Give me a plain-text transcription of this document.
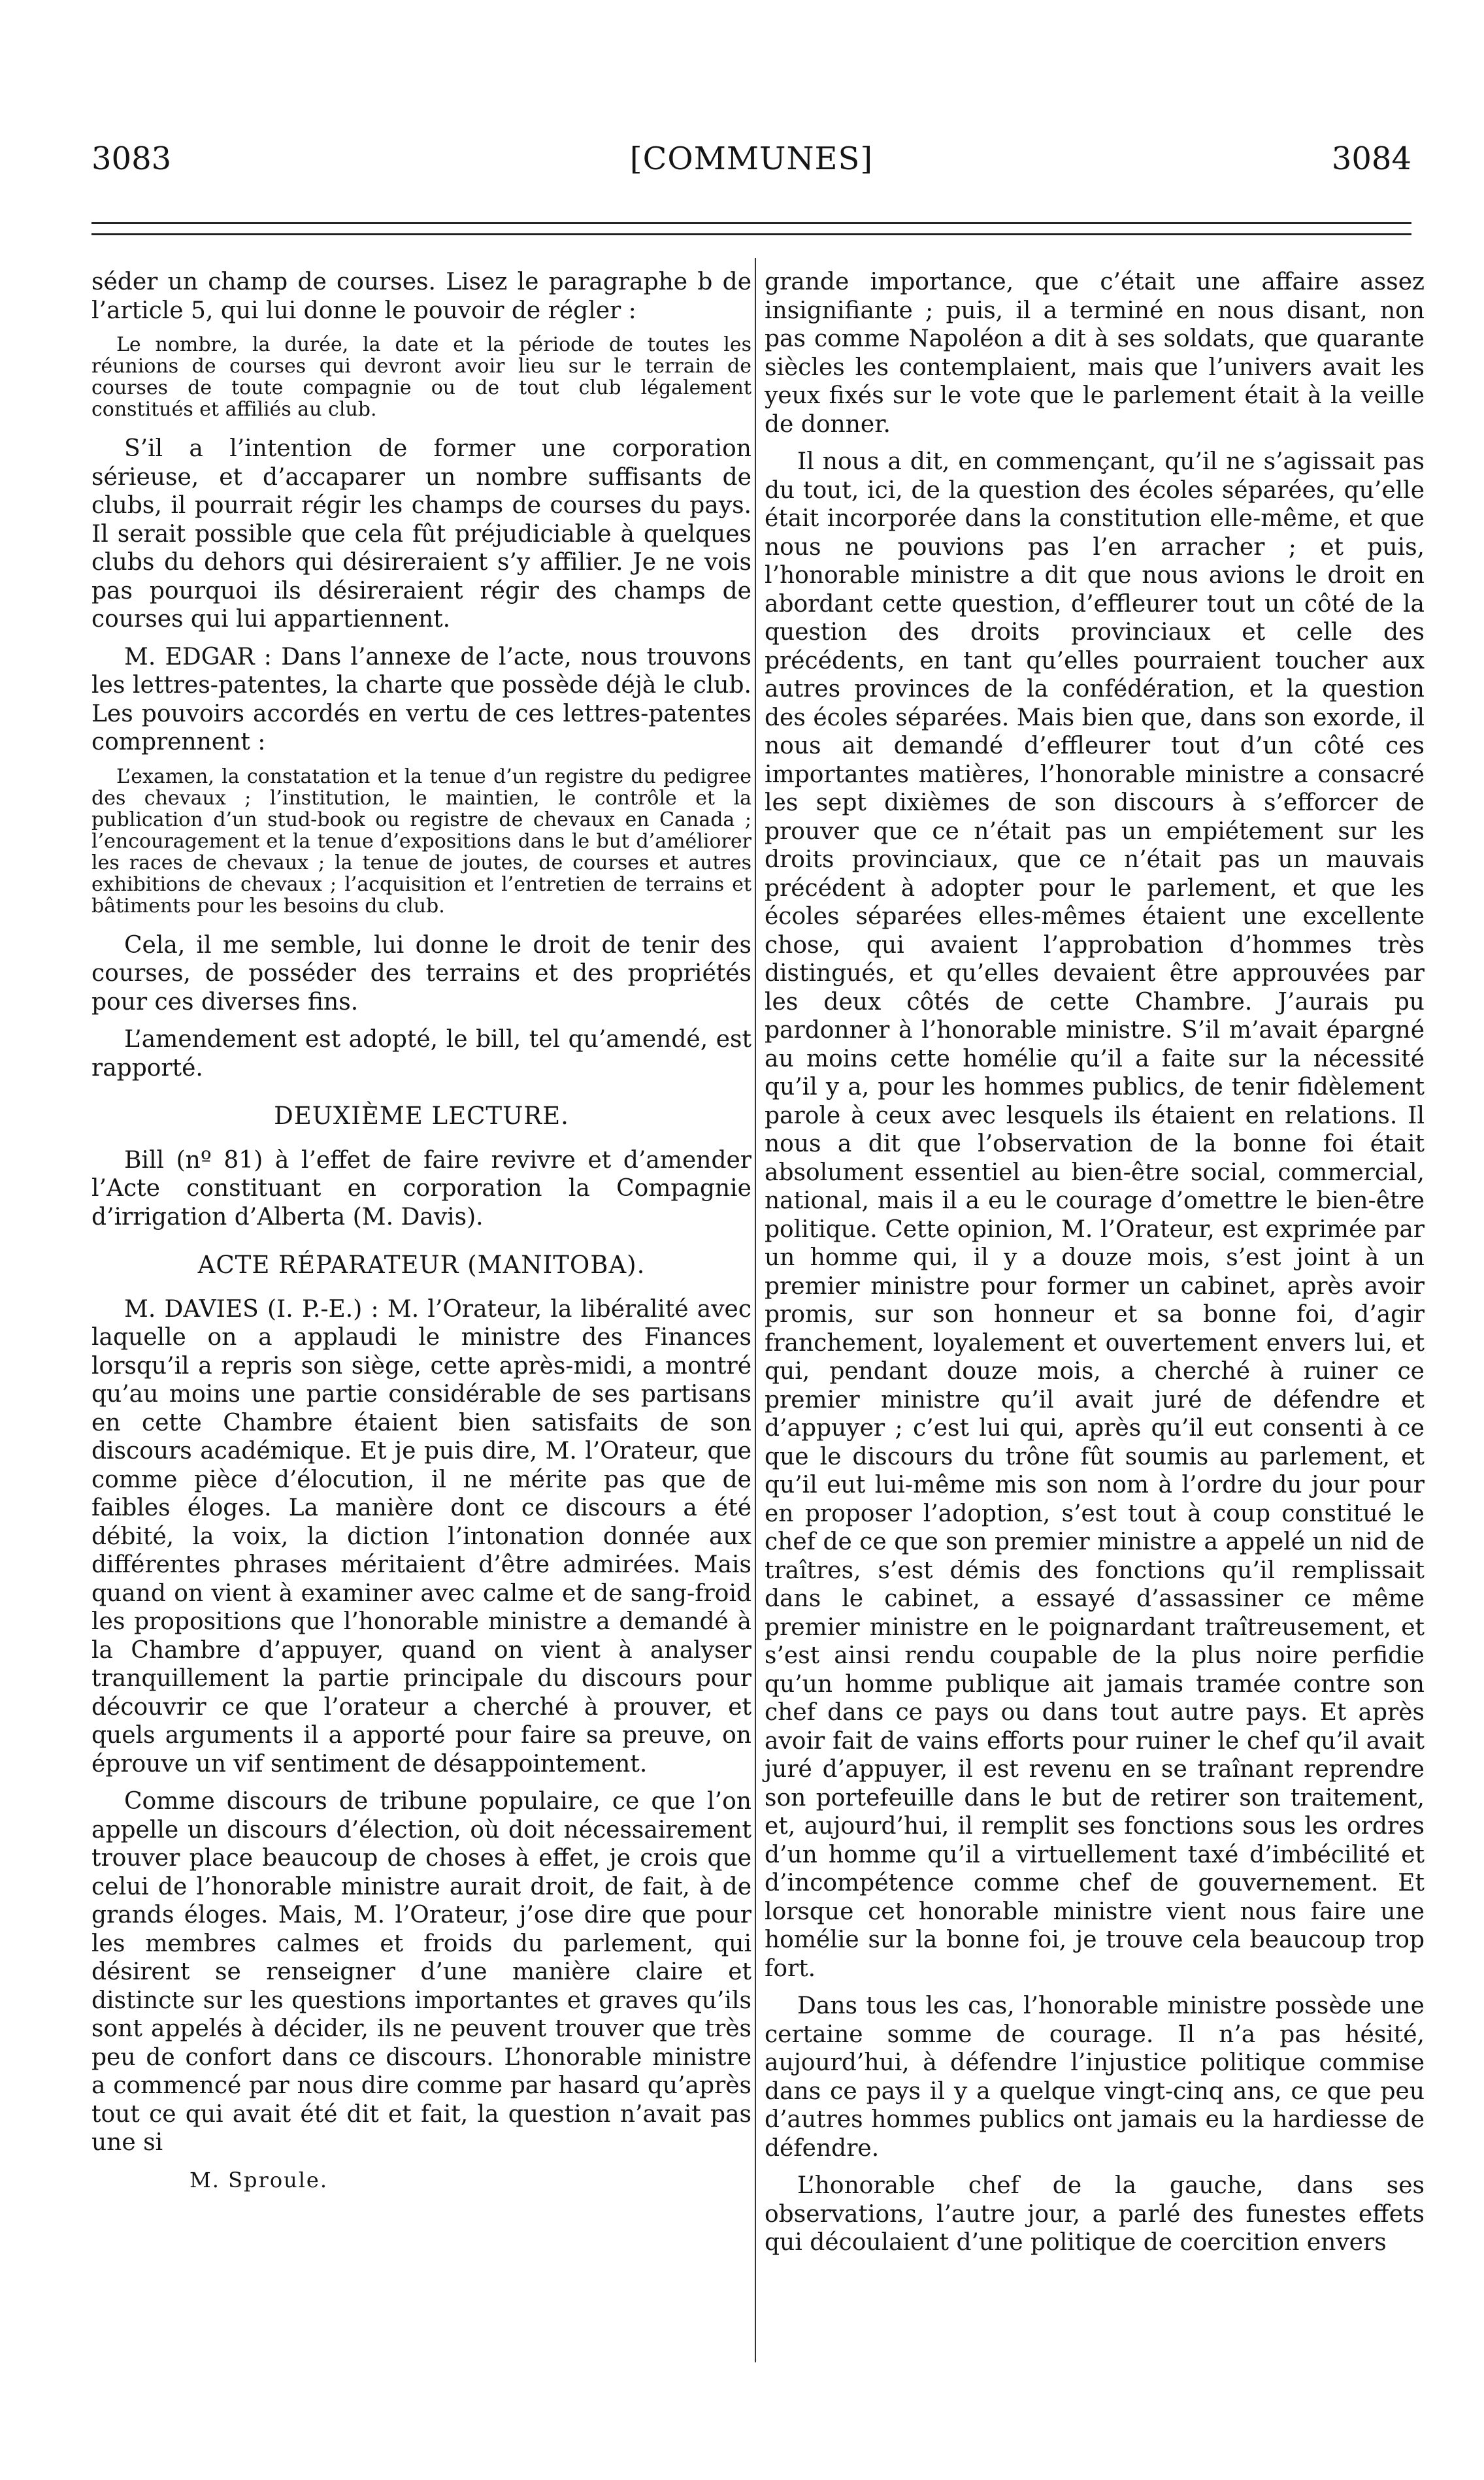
3083	[COMMUNES]	3084

séder un champ de courses. Lisez le paragraphe b de l’article 5, qui lui donne le pouvoir de régler :

Le nombre, la durée, la date et la période de toutes les réunions de courses qui devront avoir lieu sur le terrain de courses de toute compagnie ou de tout club légalement constitués et affiliés au club.

S’il a l’intention de former une corporation sérieuse, et d’accaparer un nombre suffisants de clubs, il pourrait régir les champs de courses du pays. Il serait possible que cela fût préjudiciable à quelques clubs du dehors qui désireraient s’y affilier. Je ne vois pas pourquoi ils désireraient régir des champs de courses qui lui appartiennent.

M. EDGAR : Dans l’annexe de l’acte, nous trouvons les lettres-patentes, la charte que possède déjà le club. Les pouvoirs accordés en vertu de ces lettres-patentes comprennent :

L’examen, la constatation et la tenue d’un registre du pedigree des chevaux ; l’institution, le maintien, le contrôle et la publication d’un stud-book ou registre de chevaux en Canada ; l’encouragement et la tenue d’expositions dans le but d’améliorer les races de chevaux ; la tenue de joutes, de courses et autres exhibitions de chevaux ; l’acquisition et l’entretien de terrains et bâtiments pour les besoins du club.

Cela, il me semble, lui donne le droit de tenir des courses, de posséder des terrains et des propriétés pour ces diverses fins.

L’amendement est adopté, le bill, tel qu’amendé, est rapporté.

DEUXIÈME LECTURE.

Bill (nº 81) à l’effet de faire revivre et d’amender l’Acte constituant en corporation la Compagnie d’irrigation d’Alberta (M. Davis).

ACTE RÉPARATEUR (MANITOBA).

M. DAVIES (I. P.-E.) : M. l’Orateur, la libéralité avec laquelle on a applaudi le ministre des Finances lorsqu’il a repris son siège, cette après-midi, a montré qu’au moins une partie considérable de ses partisans en cette Chambre étaient bien satisfaits de son discours académique. Et je puis dire, M. l’Orateur, que comme pièce d’élocution, il ne mérite pas que de faibles éloges. La manière dont ce discours a été débité, la voix, la diction l’intonation donnée aux différentes phrases méritaient d’être admirées. Mais quand on vient à examiner avec calme et de sang-froid les propositions que l’honorable ministre a demandé à la Chambre d’appuyer, quand on vient à analyser tranquillement la partie principale du discours pour découvrir ce que l’orateur a cherché à prouver, et quels arguments il a apporté pour faire sa preuve, on éprouve un vif sentiment de désappointement.

Comme discours de tribune populaire, ce que l’on appelle un discours d’élection, où doit nécessairement trouver place beaucoup de choses à effet, je crois que celui de l’honorable ministre aurait droit, de fait, à de grands éloges. Mais, M. l’Orateur, j’ose dire que pour les membres calmes et froids du parlement, qui désirent se renseigner d’une manière claire et distincte sur les questions importantes et graves qu’ils sont appelés à décider, ils ne peuvent trouver que très peu de confort dans ce discours. L’honorable ministre a commencé par nous dire comme par hasard qu’après tout ce qui avait été dit et fait, la question n’avait pas une si

M. Sproule.

grande importance, que c’était une affaire assez insignifiante ; puis, il a terminé en nous disant, non pas comme Napoléon a dit à ses soldats, que quarante siècles les contemplaient, mais que l’univers avait les yeux fixés sur le vote que le parlement était à la veille de donner.

Il nous a dit, en commençant, qu’il ne s’agissait pas du tout, ici, de la question des écoles séparées, qu’elle était incorporée dans la constitution elle-même, et que nous ne pouvions pas l’en arracher ; et puis, l’honorable ministre a dit que nous avions le droit en abordant cette question, d’effleurer tout un côté de la question des droits provinciaux et celle des précédents, en tant qu’elles pourraient toucher aux autres provinces de la confédération, et la question des écoles séparées. Mais bien que, dans son exorde, il nous ait demandé d’effleurer tout d’un côté ces importantes matières, l’honorable ministre a consacré les sept dixièmes de son discours à s’efforcer de prouver que ce n’était pas un empiétement sur les droits provinciaux, que ce n’était pas un mauvais précédent à adopter pour le parlement, et que les écoles séparées elles-mêmes étaient une excellente chose, qui avaient l’approbation d’hommes très distingués, et qu’elles devaient être approuvées par les deux côtés de cette Chambre. J’aurais pu pardonner à l’honorable ministre. S’il m’avait épargné au moins cette homélie qu’il a faite sur la nécessité qu’il y a, pour les hommes publics, de tenir fidèlement parole à ceux avec lesquels ils étaient en relations. Il nous a dit que l’observation de la bonne foi était absolument essentiel au bien-être social, commercial, national, mais il a eu le courage d’omettre le bien-être politique. Cette opinion, M. l’Orateur, est exprimée par un homme qui, il y a douze mois, s’est joint à un premier ministre pour former un cabinet, après avoir promis, sur son honneur et sa bonne foi, d’agir franchement, loyalement et ouvertement envers lui, et qui, pendant douze mois, a cherché à ruiner ce premier ministre qu’il avait juré de défendre et d’appuyer ; c’est lui qui, après qu’il eut consenti à ce que le discours du trône fût soumis au parlement, et qu’il eut lui-même mis son nom à l’ordre du jour pour en proposer l’adoption, s’est tout à coup constitué le chef de ce que son premier ministre a appelé un nid de traîtres, s’est démis des fonctions qu’il remplissait dans le cabinet, a essayé d’assassiner ce même premier ministre en le poignardant traîtreusement, et s’est ainsi rendu coupable de la plus noire perfidie qu’un homme publique ait jamais tramée contre son chef dans ce pays ou dans tout autre pays. Et après avoir fait de vains efforts pour ruiner le chef qu’il avait juré d’appuyer, il est revenu en se traînant reprendre son portefeuille dans le but de retirer son traitement, et, aujourd’hui, il remplit ses fonctions sous les ordres d’un homme qu’il a virtuellement taxé d’imbécilité et d’incompétence comme chef de gouvernement. Et lorsque cet honorable ministre vient nous faire une homélie sur la bonne foi, je trouve cela beaucoup trop fort.

Dans tous les cas, l’honorable ministre possède une certaine somme de courage. Il n’a pas hésité, aujourd’hui, à défendre l’injustice politique commise dans ce pays il y a quelque vingt-cinq ans, ce que peu d’autres hommes publics ont jamais eu la hardiesse de défendre.

L’honorable chef de la gauche, dans ses observations, l’autre jour, a parlé des funestes effets qui découlaient d’une politique de coercition envers
